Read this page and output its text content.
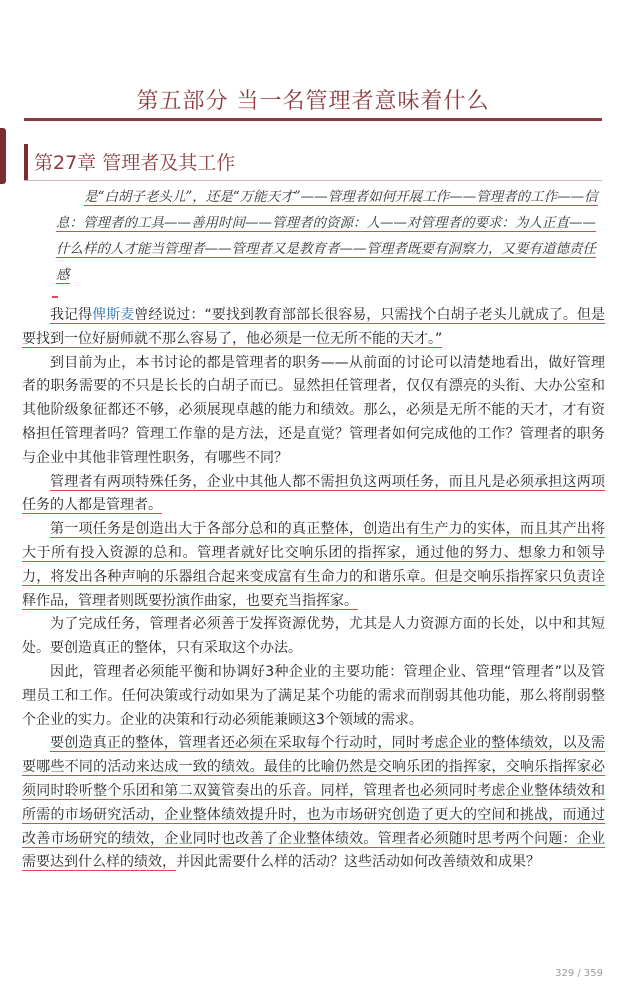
第五部分 当一名管理者意味着什么
第27章 管理者及其工作

是“白胡子老头儿”，还是“万能天才”——管理者如何开展工作——管理者的工作——信息：管理者的工具——善用时间——管理者的资源：人——对管理者的要求：为人正直——什么样的人才能当管理者——管理者又是教育者——管理者既要有洞察力，又要有道德责任感

我记得俾斯麦曾经说过：“要找到教育部部长很容易，只需找个白胡子老头儿就成了。但是要找到一位好厨师就不那么容易了，他必须是一位无所不能的天才。”

到目前为止，本书讨论的都是管理者的职务——从前面的讨论可以清楚地看出，做好管理者的职务需要的不只是长长的白胡子而已。显然担任管理者，仅仅有漂亮的头衔、大办公室和其他阶级象征都还不够，必须展现卓越的能力和绩效。那么，必须是无所不能的天才，才有资格担任管理者吗？管理工作靠的是方法，还是直觉？管理者如何完成他的工作？管理者的职务与企业中其他非管理性职务，有哪些不同？

管理者有两项特殊任务，企业中其他人都不需担负这两项任务，而且凡是必须承担这两项任务的人都是管理者。

第一项任务是创造出大于各部分总和的真正整体，创造出有生产力的实体，而且其产出将大于所有投入资源的总和。管理者就好比交响乐团的指挥家，通过他的努力、想象力和领导力，将发出各种声响的乐器组合起来变成富有生命力的和谐乐章。但是交响乐指挥家只负责诠释作品，管理者则既要扮演作曲家，也要充当指挥家。

为了完成任务，管理者必须善于发挥资源优势，尤其是人力资源方面的长处，以中和其短处。要创造真正的整体，只有采取这个办法。

因此，管理者必须能平衡和协调好3种企业的主要功能：管理企业、管理“管理者”以及管理员工和工作。任何决策或行动如果为了满足某个功能的需求而削弱其他功能，那么将削弱整个企业的实力。企业的决策和行动必须能兼顾这3个领域的需求。

要创造真正的整体，管理者还必须在采取每个行动时，同时考虑企业的整体绩效，以及需要哪些不同的活动来达成一致的绩效。最佳的比喻仍然是交响乐团的指挥家，交响乐指挥家必须同时聆听整个乐团和第二双簧管奏出的乐音。同样，管理者也必须同时考虑企业整体绩效和所需的市场研究活动，企业整体绩效提升时，也为市场研究创造了更大的空间和挑战，而通过改善市场研究的绩效，企业同时也改善了企业整体绩效。管理者必须随时思考两个问题：企业需要达到什么样的绩效，并因此需要什么样的活动？这些活动如何改善绩效和成果？

329 / 359
